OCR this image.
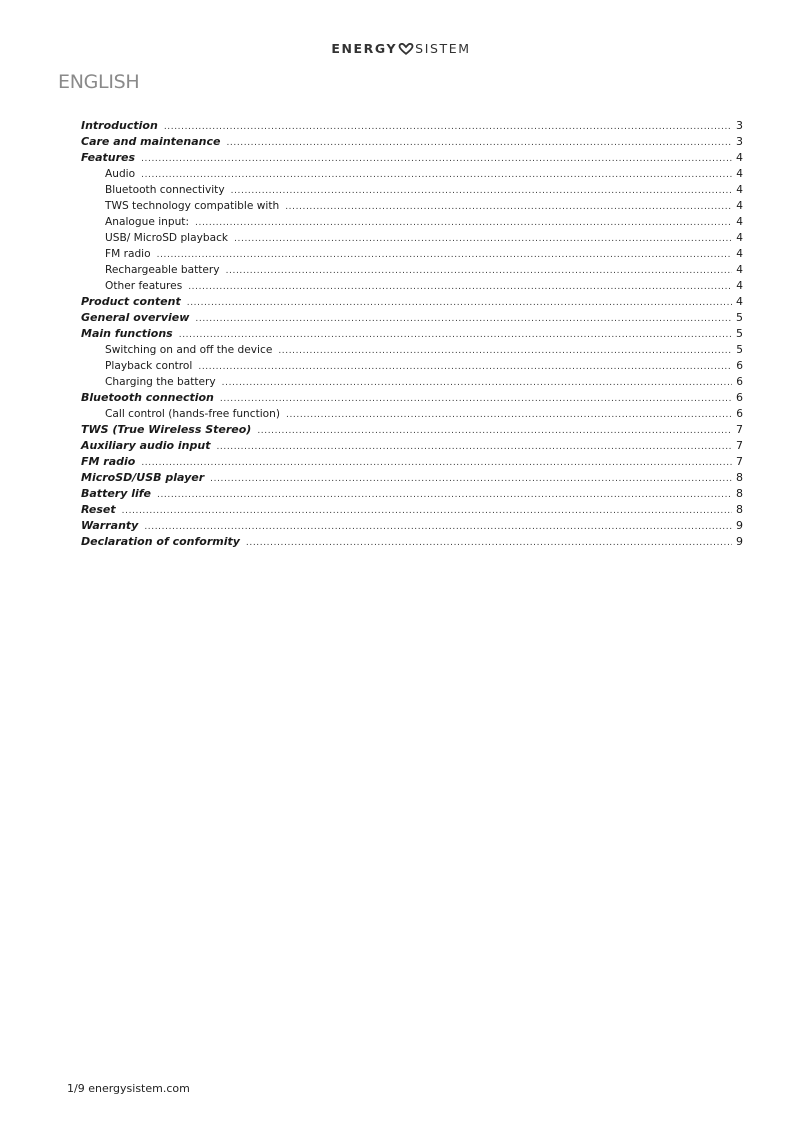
ENERGY SISTEM
ENGLISH
Introduction .....	3
Care and maintenance .....	3
Features .....	4
Audio .....	4
Bluetooth connectivity .....	4
TWS technology compatible with .....	4
Analogue input: .....	4
USB/ MicroSD playback .....	4
FM radio .....	4
Rechargeable battery .....	4
Other features .....	4
Product content .....	4
General overview .....	5
Main functions .....	5
Switching on and off the device .....	5
Playback control .....	6
Charging the battery .....	6
Bluetooth connection .....	6
Call control (hands-free function) .....	6
TWS (True Wireless Stereo) .....	7
Auxiliary audio input .....	7
FM radio .....	7
MicroSD/USB player .....	8
Battery life .....	8
Reset .....	8
Warranty .....	9
Declaration of conformity .....	9
1/9 energysistem.com
